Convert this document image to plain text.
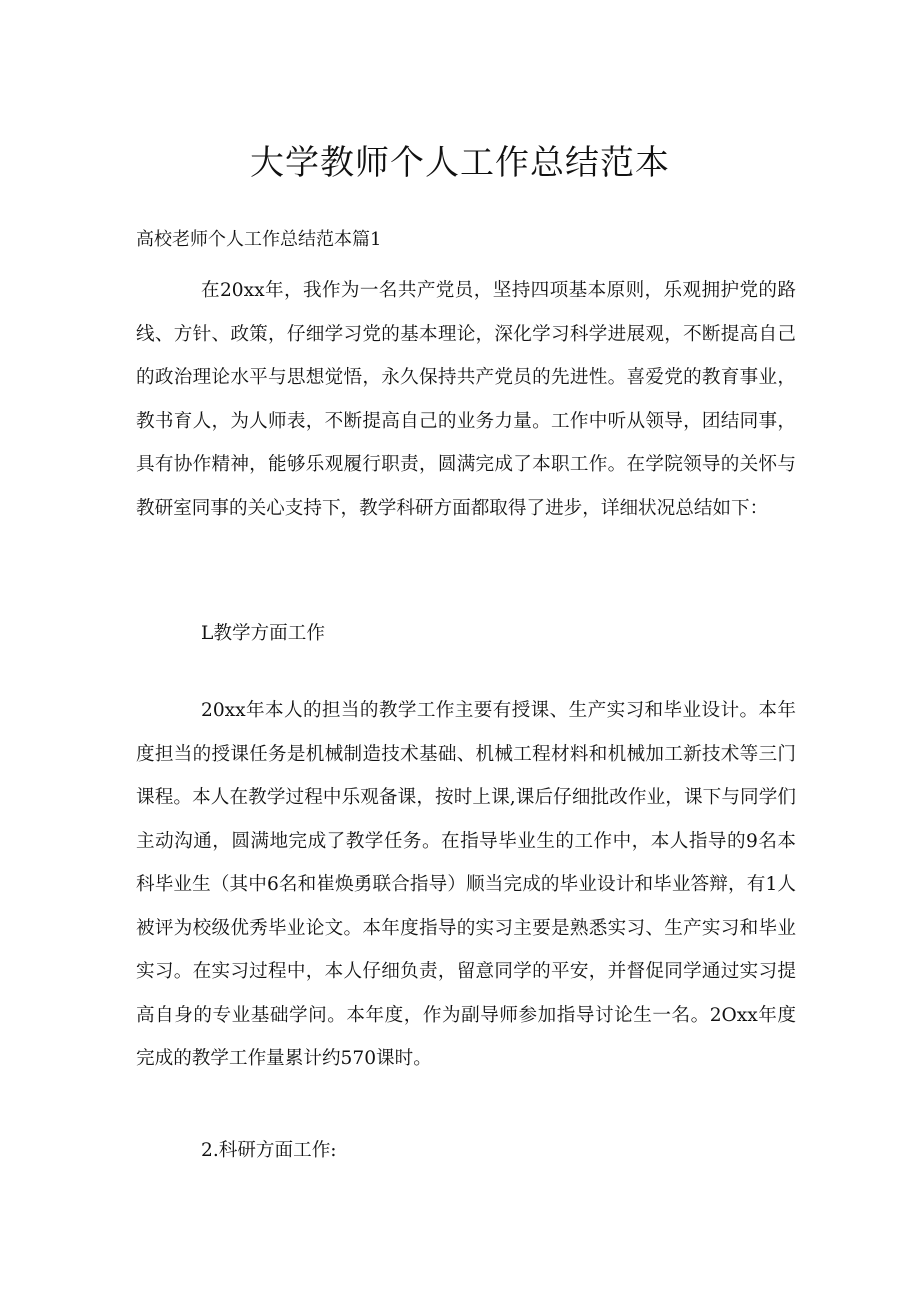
大学教师个人工作总结范本
高校老师个人工作总结范本篇1
在20xx年，我作为一名共产党员，坚持四项基本原则，乐观拥护党的路线、方针、政策，仔细学习党的基本理论，深化学习科学进展观，不断提高自己的政治理论水平与思想觉悟，永久保持共产党员的先进性。喜爱党的教育事业，教书育人，为人师表，不断提高自己的业务力量。工作中听从领导，团结同事，具有协作精神，能够乐观履行职责，圆满完成了本职工作。在学院领导的关怀与教研室同事的关心支持下，教学科研方面都取得了进步，详细状况总结如下：
L教学方面工作
20xx年本人的担当的教学工作主要有授课、生产实习和毕业设计。本年度担当的授课任务是机械制造技术基础、机械工程材料和机械加工新技术等三门课程。本人在教学过程中乐观备课，按时上课,课后仔细批改作业，课下与同学们主动沟通，圆满地完成了教学任务。在指导毕业生的工作中，本人指导的9名本科毕业生（其中6名和崔焕勇联合指导）顺当完成的毕业设计和毕业答辩，有1人被评为校级优秀毕业论文。本年度指导的实习主要是熟悉实习、生产实习和毕业实习。在实习过程中，本人仔细负责，留意同学的平安，并督促同学通过实习提高自身的专业基础学问。本年度，作为副导师参加指导讨论生一名。2Oxx年度完成的教学工作量累计约570课时。
2.科研方面工作:
